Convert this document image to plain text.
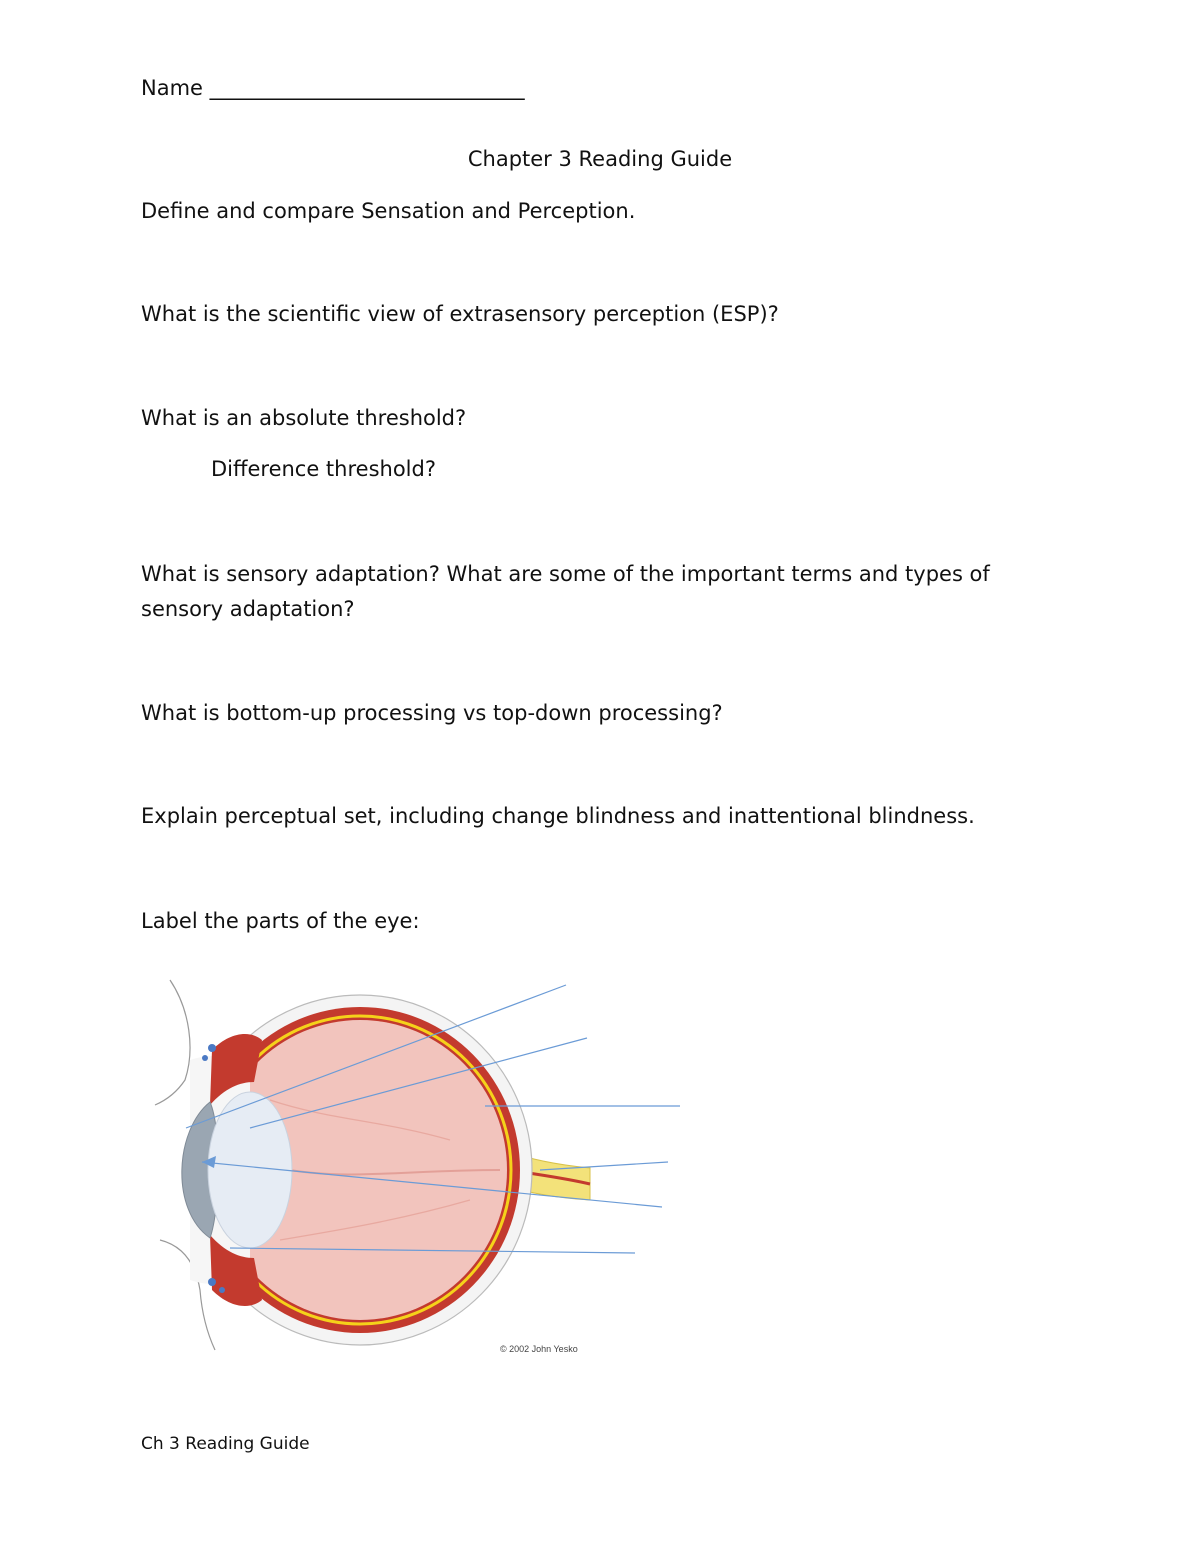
Name ______________________________
Chapter 3 Reading Guide
Define and compare Sensation and Perception.
What is the scientific view of extrasensory perception (ESP)?
What is an absolute threshold?
Difference threshold?
What is sensory adaptation? What are some of the important terms and types of sensory adaptation?
What is bottom-up processing vs top-down processing?
Explain perceptual set, including change blindness and inattentional blindness.
Label the parts of the eye:
© 2002 John Yesko
Ch 3 Reading Guide
